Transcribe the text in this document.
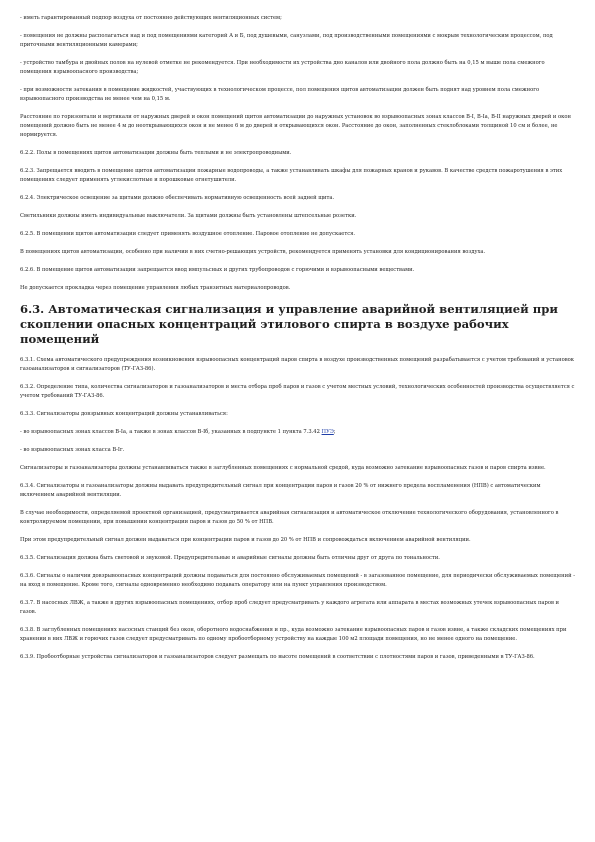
- иметь гарантированный подпор воздуха от постоянно действующих вентиляционных систем;

- помещения не должны располагаться над и под помещениями категорий А и Б, под душевыми, санузлами, под производственными помещениями с мокрым технологическим процессом, под приточными вентиляционными камерами;

- устройство тамбура и двойных полов на нулевой отметке не рекомендуется. При необходимости их устройства дно каналов или двойного пола должно быть на 0,15 м выше пола смежного помещения взрывоопасного производства;

- при возможности затекания в помещение жидкостей, участвующих в технологическом процессе, пол помещения щитов автоматизации должен быть поднят над уровнем пола смежного взрывоопасного производства не менее чем на 0,15 м.

Расстояние по горизонтали и вертикали от наружных дверей и окон помещений щитов автоматизации до наружных установок во взрывоопасных зонах классов В-I, В-Iа, В-II наружных дверей и окон помещений должно быть не менее 4 м до неоткрывающихся окон и не менее 6 м до дверей и открывающихся окон. Расстояние до окон, заполненных стеклоблоками толщиной 10 см и более, не нормируется.

6.2.2. Полы в помещениях щитов автоматизации должны быть теплыми и не электропроводными.

6.2.3. Запрещается вводить в помещение щитов автоматизации пожарные водопроводы, а также устанавливать шкафы для пожарных кранов и рукавов. В качестве средств пожаротушения в этих помещениях следует применять углекислотные и порошковые огнетушители.

6.2.4. Электрическое освещение за щитами должно обеспечивать нормативную освещенность всей задней щита.

Светильники должны иметь индивидуальные выключатели. За щитами должны быть установлены штепсельные розетки.

6.2.5. В помещении щитов автоматизации следует применять воздушное отопление. Паровое отопление не допускается.

В помещениях щитов автоматизации, особенно при наличии в них счетно-решающих устройств, рекомендуется применять установки для кондиционирования воздуха.

6.2.6. В помещение щитов автоматизации запрещается ввод импульсных и других трубопроводов с горючими и взрывоопасными веществами.

Не допускается прокладка через помещение управления любых транзитных материалопроводов.

6.3. Автоматическая сигнализация и управление аварийной вентиляцией при скоплении опасных концентраций этилового спирта в воздухе рабочих помещений

6.3.1. Схема автоматического предупреждения возникновения взрывоопасных концентраций паров спирта в воздухе производственных помещений разрабатывается с учетом требований и установок газоанализаторов и сигнализаторов (ТУ-ГАЗ-86).

6.3.2. Определение типа, количества сигнализаторов и газоанализаторов и места отбора проб паров и газов с учетом местных условий, технологических особенностей производства осуществляется с учетом требований ТУ-ГАЗ-86.

6.3.3. Сигнализаторы довзрывных концентраций должны устанавливаться:

- во взрывоопасных зонах классов В-Iа, а также в зонах классов В-Iб, указанных в подпункте 1 пункта 7.3.42 ПУЭ;

- во взрывоопасных зонах класса В-Iг.

Сигнализаторы и газоанализаторы должны устанавливаться также в заглубленных помещениях с нормальной средой, куда возможно затекание взрывоопасных газов и паров спирта извне.

6.3.4. Сигнализаторы и газоанализаторы должны выдавать предупредительный сигнал при концентрации паров и газов 20 % от нижнего предела воспламенения (НПВ) с автоматическим включением аварийной вентиляции.

В случае необходимости, определяемой проектной организацией, предусматривается аварийная сигнализация и автоматическое отключение технологического оборудования, установленного в контролируемом помещении, при повышении концентрации паров и газов до 50 % от НПВ.

При этом предупредительный сигнал должен выдаваться при концентрации паров и газов до 20 % от НПВ и сопровождаться включением аварийной вентиляции.

6.3.5. Сигнализация должна быть световой и звуковой. Предупредительные и аварийные сигналы должны быть отличны друг от друга по тональности.

6.3.6. Сигналы о наличии довзрывоопасных концентраций должны подаваться для постоянно обслуживаемых помещений - в загазованное помещение, для периодически обслуживаемых помещений - на вход в помещение. Кроме того, сигналы одновременно необходимо подавать оператору или на пункт управления производством.

6.3.7. В насосных ЛВЖ, а также в других взрывоопасных помещениях, отбор проб следует предусматривать у каждого агрегата или аппарата в местах возможных утечек взрывоопасных паров и газов.

6.3.8. В заглубленных помещениях насосных станций без окон, оборотного водоснабжения и пр., куда возможно затекание взрывоопасных паров и газов извне, а также складских помещениях при хранении в них ЛВЖ и горючих газов следует предусматривать по одному пробоотборному устройству на каждые 100 м2 площади помещения, но не менее одного на помещение.

6.3.9. Пробоотборные устройства сигнализаторов и газоанализаторов следует размещать по высоте помещений в соответствии с плотностями паров и газов, приведенными в ТУ-ГАЗ-86.
